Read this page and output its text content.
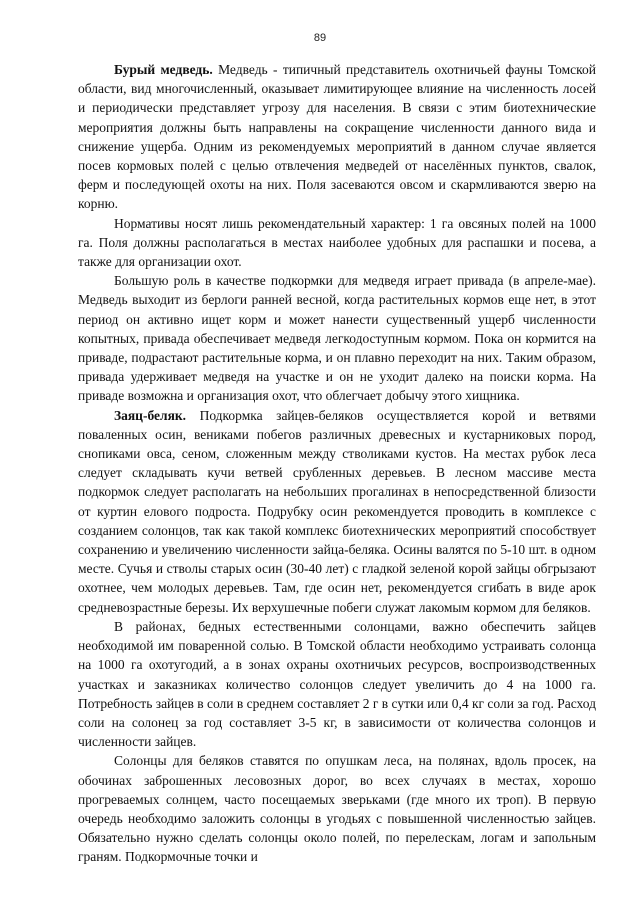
89

Бурый медведь. Медведь - типичный представитель охотничьей фауны Томской области, вид многочисленный, оказывает лимитирующее влияние на численность лосей и периодически представляет угрозу для населения. В связи с этим биотехнические мероприятия должны быть направлены на сокращение численности данного вида и снижение ущерба. Одним из рекомендуемых мероприятий в данном случае является посев кормовых полей с целью отвлечения медведей от населённых пунктов, свалок, ферм и последующей охоты на них. Поля засеваются овсом и скармливаются зверю на корню.

Нормативы носят лишь рекомендательный характер: 1 га овсяных полей на 1000 га. Поля должны располагаться в местах наиболее удобных для распашки и посева, а также для организации охот.

Большую роль в качестве подкормки для медведя играет привада (в апреле-мае). Медведь выходит из берлоги ранней весной, когда растительных кормов еще нет, в этот период он активно ищет корм и может нанести существенный ущерб численности копытных, привада обеспечивает медведя легкодоступным кормом. Пока он кормится на приваде, подрастают растительные корма, и он плавно переходит на них. Таким образом, привада удерживает медведя на участке и он не уходит далеко на поиски корма. На приваде возможна и организация охот, что облегчает добычу этого хищника.

Заяц-беляк. Подкормка зайцев-беляков осуществляется корой и ветвями поваленных осин, вениками побегов различных древесных и кустарниковых пород, снопиками овса, сеном, сложенным между стволиками кустов. На местах рубок леса следует складывать кучи ветвей срубленных деревьев. В лесном массиве места подкормок следует располагать на небольших прогалинах в непосредственной близости от куртин елового подроста. Подрубку осин рекомендуется проводить в комплексе с созданием солонцов, так как такой комплекс биотехнических мероприятий способствует сохранению и увеличению численности зайца-беляка. Осины валятся по 5-10 шт. в одном месте. Сучья и стволы старых осин (30-40 лет) с гладкой зеленой корой зайцы обгрызают охотнее, чем молодых деревьев. Там, где осин нет, рекомендуется сгибать в виде арок средневозрастные березы. Их верхушечные побеги служат лакомым кормом для беляков.

В районах, бедных естественными солонцами, важно обеспечить зайцев необходимой им поваренной солью. В Томской области необходимо устраивать солонца на 1000 га охотугодий, а в зонах охраны охотничьих ресурсов, воспроизводственных участках и заказниках количество солонцов следует увеличить до 4 на 1000 га. Потребность зайцев в соли в среднем составляет 2 г в сутки или 0,4 кг соли за год. Расход соли на солонец за год составляет 3-5 кг, в зависимости от количества солонцов и численности зайцев.

Солонцы для беляков ставятся по опушкам леса, на полянах, вдоль просек, на обочинах заброшенных лесовозных дорог, во всех случаях в местах, хорошо прогреваемых солнцем, часто посещаемых зверьками (где много их троп). В первую очередь необходимо заложить солонцы в угодьях с повышенной численностью зайцев. Обязательно нужно сделать солонцы около полей, по перелескам, логам и запольным граням. Подкормочные точки и
